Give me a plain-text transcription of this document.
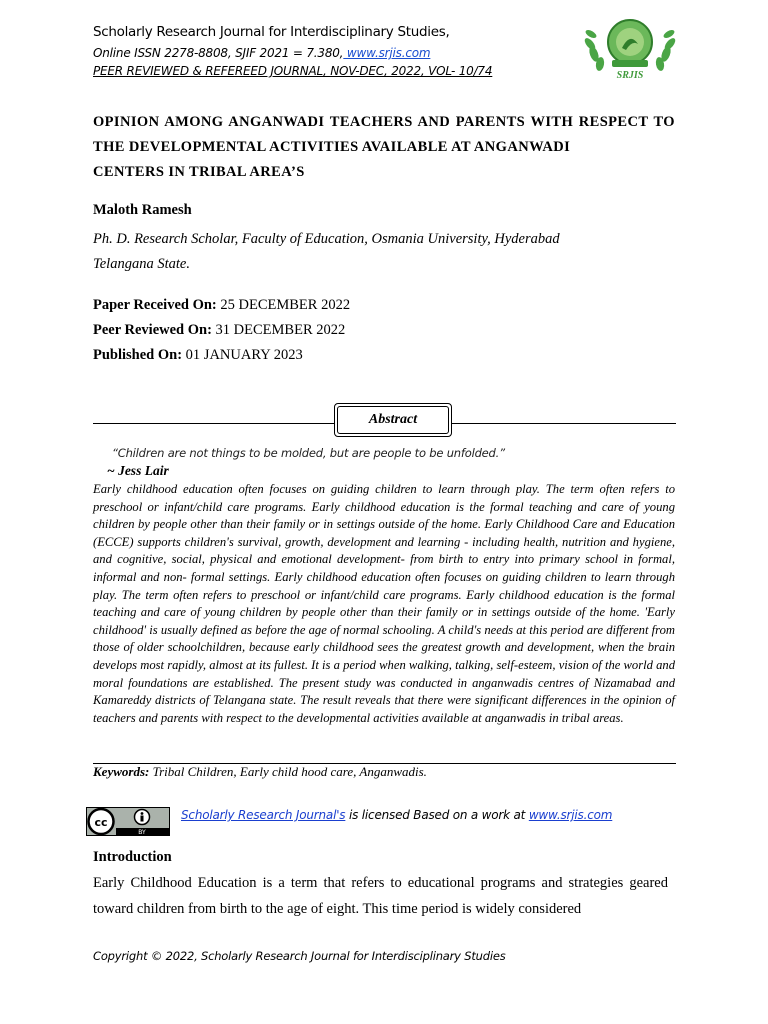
Scholarly Research Journal for Interdisciplinary Studies,
Online ISSN 2278-8808, SJIF 2021 = 7.380, www.srjis.com
PEER REVIEWED & REFEREED JOURNAL, NOV-DEC, 2022, VOL- 10/74	SRJIS
OPINION AMONG ANGANWADI TEACHERS AND PARENTS WITH RESPECT TO THE DEVELOPMENTAL ACTIVITIES AVAILABLE AT ANGANWADI
CENTERS IN TRIBAL AREA’S
Maloth Ramesh
Ph. D. Research Scholar, Faculty of Education, Osmania University, Hyderabad
Telangana State.
Paper Received On: 25 DECEMBER 2022
Peer Reviewed On: 31 DECEMBER 2022
Published On: 01 JANUARY 2023
Abstract
“Children are not things to be molded, but are people to be unfolded.”
~ Jess Lair
Early childhood education often focuses on guiding children to learn through play. The term often refers to preschool or infant/child care programs. Early childhood education is the formal teaching and care of young children by people other than their family or in settings outside of the home. Early Childhood Care and Education (ECCE) supports children's survival, growth, development and learning - including health, nutrition and hygiene, and cognitive, social, physical and emotional development- from birth to entry into primary school in formal, informal and non- formal settings. Early childhood education often focuses on guiding children to learn through play. The term often refers to preschool or infant/child care programs. Early childhood education is the formal teaching and care of young children by people other than their family or in settings outside of the home. 'Early childhood' is usually defined as before the age of normal schooling. A child's needs at this period are different from those of older schoolchildren, because early childhood sees the greatest growth and development, when the brain develops most rapidly, almost at its fullest. It is a period when walking, talking, self-esteem, vision of the world and moral foundations are established. The present study was conducted in anganwadis centres of Nizamabad and Kamareddy districts of Telangana state. The result reveals that there were significant differences in the opinion of teachers and parents with respect to the developmental activities available at anganwadis in tribal areas.
Keywords: Tribal Children, Early child hood care, Anganwadis.
cc
BY
Scholarly Research Journal's is licensed Based on a work at www.srjis.com
Introduction
Early Childhood Education is a term that refers to educational programs and strategies geared toward children from birth to the age of eight. This time period is widely considered
Copyright © 2022, Scholarly Research Journal for Interdisciplinary Studies
